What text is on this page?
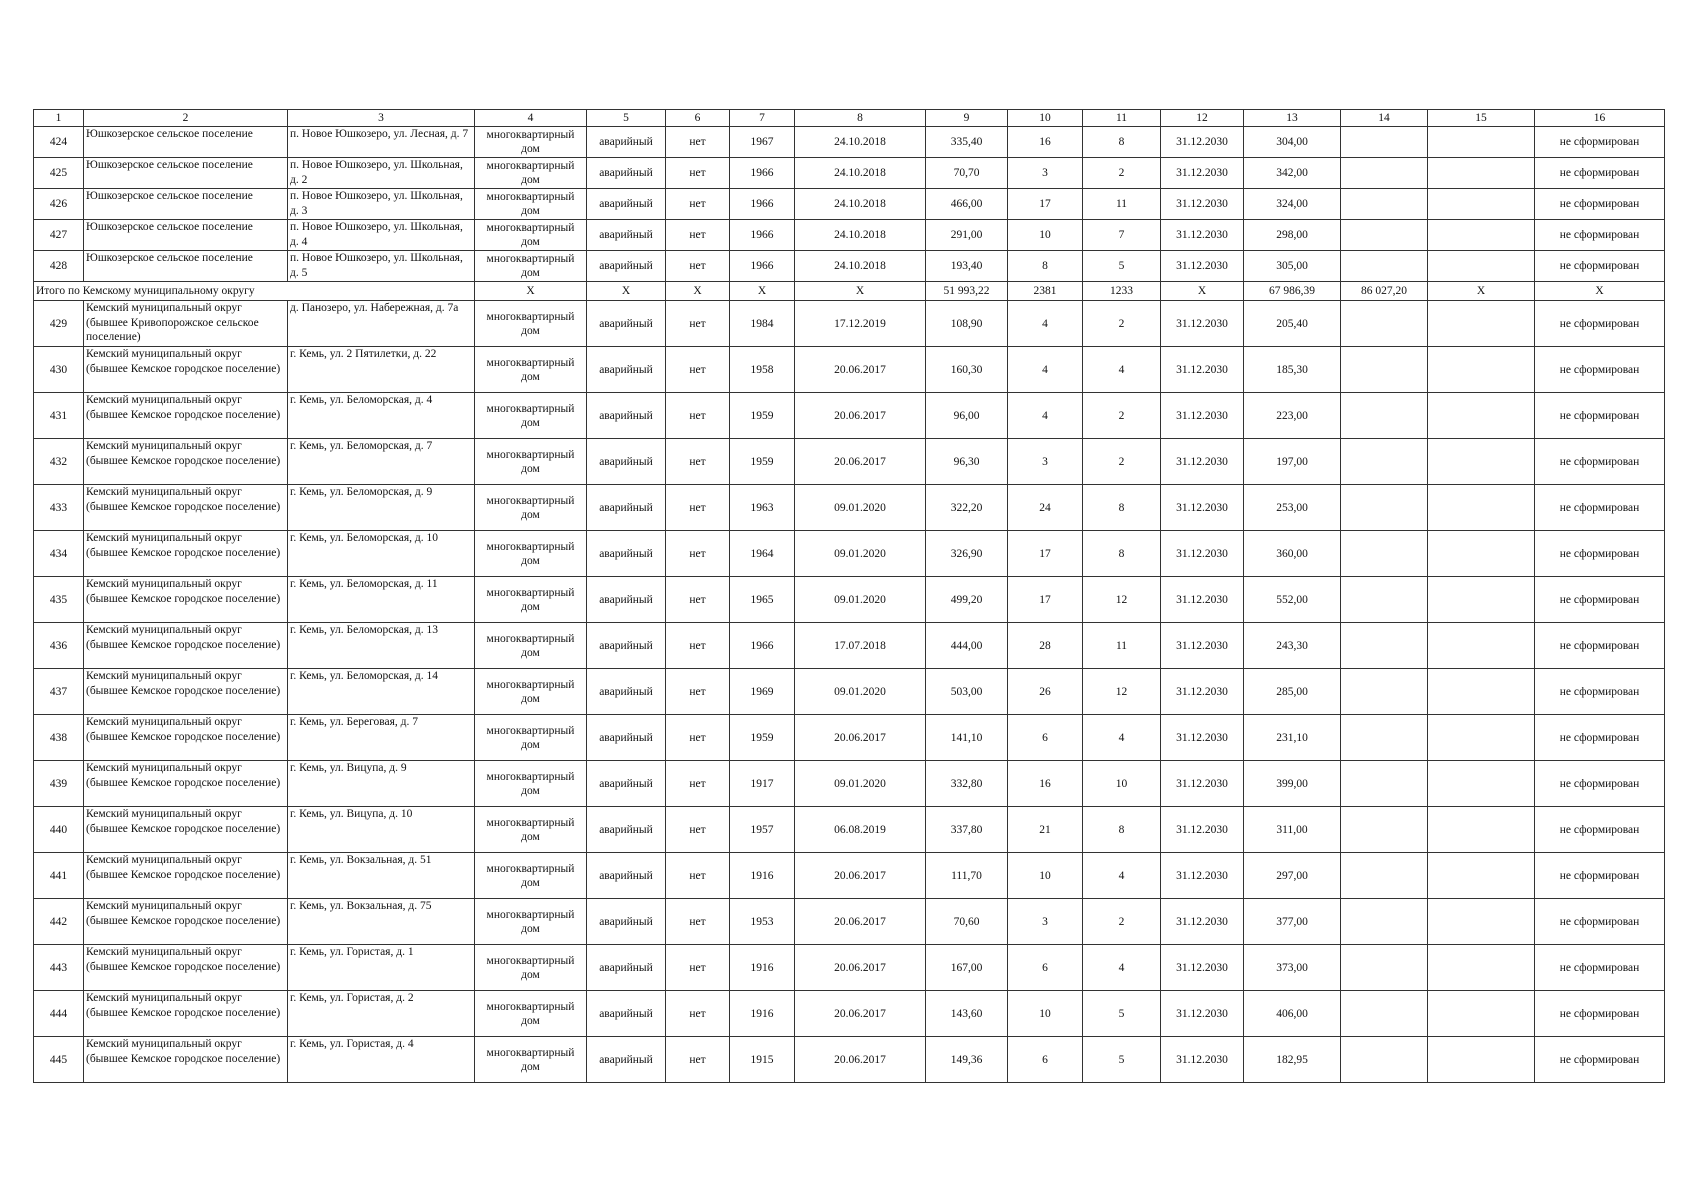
1	2	3	4	5	6	7	8	9	10	11	12	13	14	15	16
424	Юшкозерское сельское поселение	п. Новое Юшкозеро, ул. Лесная, д. 7	многоквартирный дом	аварийный	нет	1967	24.10.2018	335,40	16	8	31.12.2030	304,00			не сформирован
425	Юшкозерское сельское поселение	п. Новое Юшкозеро, ул. Школьная, д. 2	многоквартирный дом	аварийный	нет	1966	24.10.2018	70,70	3	2	31.12.2030	342,00			не сформирован
426	Юшкозерское сельское поселение	п. Новое Юшкозеро, ул. Школьная, д. 3	многоквартирный дом	аварийный	нет	1966	24.10.2018	466,00	17	11	31.12.2030	324,00			не сформирован
427	Юшкозерское сельское поселение	п. Новое Юшкозеро, ул. Школьная, д. 4	многоквартирный дом	аварийный	нет	1966	24.10.2018	291,00	10	7	31.12.2030	298,00			не сформирован
428	Юшкозерское сельское поселение	п. Новое Юшкозеро, ул. Школьная, д. 5	многоквартирный дом	аварийный	нет	1966	24.10.2018	193,40	8	5	31.12.2030	305,00			не сформирован
Итого по Кемскому муниципальному округу			X	X	X	X	X	51 993,22	2381	1233	X	67 986,39	86 027,20	X	X
429	Кемский муниципальный округ (бывшее Кривопорожское сельское поселение)	д. Панозеро, ул. Набережная, д. 7а	многоквартирный дом	аварийный	нет	1984	17.12.2019	108,90	4	2	31.12.2030	205,40			не сформирован
430	Кемский муниципальный округ (бывшее Кемское городское поселение)	г. Кемь, ул. 2 Пятилетки, д. 22	многоквартирный дом	аварийный	нет	1958	20.06.2017	160,30	4	4	31.12.2030	185,30			не сформирован
431	Кемский муниципальный округ (бывшее Кемское городское поселение)	г. Кемь, ул. Беломорская, д. 4	многоквартирный дом	аварийный	нет	1959	20.06.2017	96,00	4	2	31.12.2030	223,00			не сформирован
432	Кемский муниципальный округ (бывшее Кемское городское поселение)	г. Кемь, ул. Беломорская, д. 7	многоквартирный дом	аварийный	нет	1959	20.06.2017	96,30	3	2	31.12.2030	197,00			не сформирован
433	Кемский муниципальный округ (бывшее Кемское городское поселение)	г. Кемь, ул. Беломорская, д. 9	многоквартирный дом	аварийный	нет	1963	09.01.2020	322,20	24	8	31.12.2030	253,00			не сформирован
434	Кемский муниципальный округ (бывшее Кемское городское поселение)	г. Кемь, ул. Беломорская, д. 10	многоквартирный дом	аварийный	нет	1964	09.01.2020	326,90	17	8	31.12.2030	360,00			не сформирован
435	Кемский муниципальный округ (бывшее Кемское городское поселение)	г. Кемь, ул. Беломорская, д. 11	многоквартирный дом	аварийный	нет	1965	09.01.2020	499,20	17	12	31.12.2030	552,00			не сформирован
436	Кемский муниципальный округ (бывшее Кемское городское поселение)	г. Кемь, ул. Беломорская, д. 13	многоквартирный дом	аварийный	нет	1966	17.07.2018	444,00	28	11	31.12.2030	243,30			не сформирован
437	Кемский муниципальный округ (бывшее Кемское городское поселение)	г. Кемь, ул. Беломорская, д. 14	многоквартирный дом	аварийный	нет	1969	09.01.2020	503,00	26	12	31.12.2030	285,00			не сформирован
438	Кемский муниципальный округ (бывшее Кемское городское поселение)	г. Кемь, ул. Береговая, д. 7	многоквартирный дом	аварийный	нет	1959	20.06.2017	141,10	6	4	31.12.2030	231,10			не сформирован
439	Кемский муниципальный округ (бывшее Кемское городское поселение)	г. Кемь, ул. Вицупа, д. 9	многоквартирный дом	аварийный	нет	1917	09.01.2020	332,80	16	10	31.12.2030	399,00			не сформирован
440	Кемский муниципальный округ (бывшее Кемское городское поселение)	г. Кемь, ул. Вицупа, д. 10	многоквартирный дом	аварийный	нет	1957	06.08.2019	337,80	21	8	31.12.2030	311,00			не сформирован
441	Кемский муниципальный округ (бывшее Кемское городское поселение)	г. Кемь, ул. Вокзальная, д. 51	многоквартирный дом	аварийный	нет	1916	20.06.2017	111,70	10	4	31.12.2030	297,00			не сформирован
442	Кемский муниципальный округ (бывшее Кемское городское поселение)	г. Кемь, ул. Вокзальная, д. 75	многоквартирный дом	аварийный	нет	1953	20.06.2017	70,60	3	2	31.12.2030	377,00			не сформирован
443	Кемский муниципальный округ (бывшее Кемское городское поселение)	г. Кемь, ул. Гористая, д. 1	многоквартирный дом	аварийный	нет	1916	20.06.2017	167,00	6	4	31.12.2030	373,00			не сформирован
444	Кемский муниципальный округ (бывшее Кемское городское поселение)	г. Кемь, ул. Гористая, д. 2	многоквартирный дом	аварийный	нет	1916	20.06.2017	143,60	10	5	31.12.2030	406,00			не сформирован
445	Кемский муниципальный округ (бывшее Кемское городское поселение)	г. Кемь, ул. Гористая, д. 4	многоквартирный дом	аварийный	нет	1915	20.06.2017	149,36	6	5	31.12.2030	182,95			не сформирован
